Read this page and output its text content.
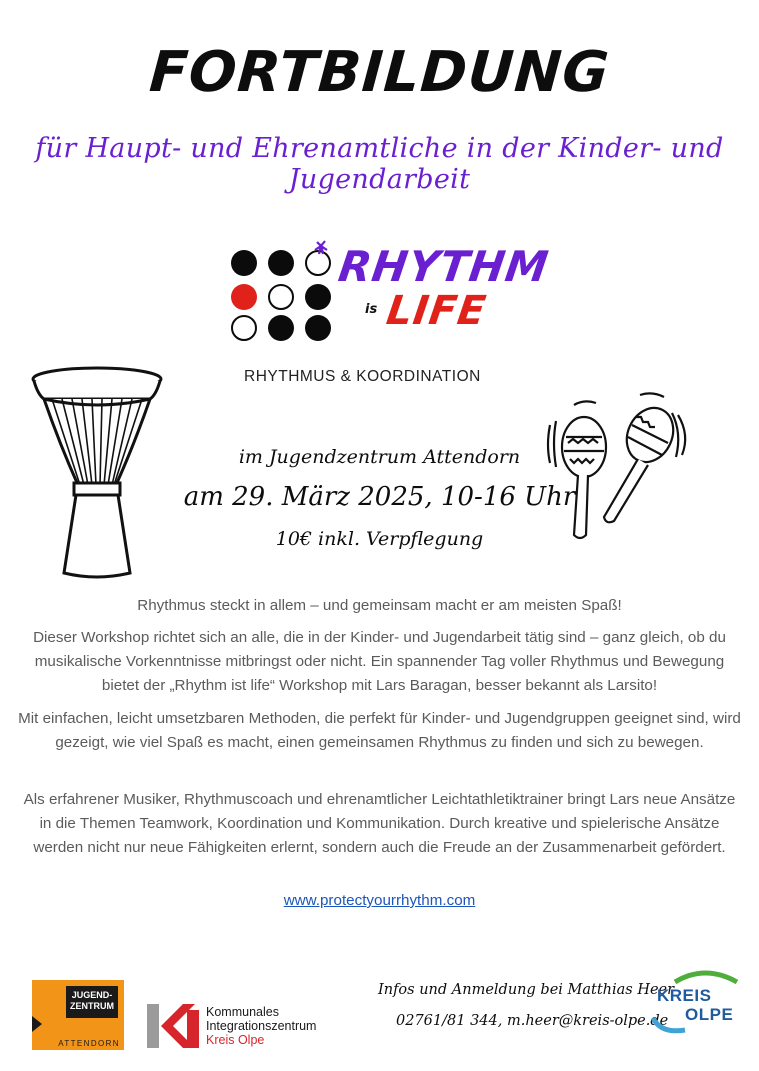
FORTBILDUNG
für Haupt- und Ehrenamtliche in der Kinder- und Jugendarbeit
RHYTHM
is LIFE
RHYTHMUS & KOORDINATION
im Jugendzentrum Attendorn
am 29. März 2025, 10-16 Uhr
10€ inkl. Verpflegung
Rhythmus steckt in allem – und gemeinsam macht er am meisten Spaß!
Dieser Workshop richtet sich an alle, die in der Kinder- und Jugendarbeit tätig sind – ganz gleich, ob du musikalische Vorkenntnisse mitbringst oder nicht. Ein spannender Tag voller Rhythmus und Bewegung bietet der „Rhythm ist life“ Workshop mit Lars Baragan, besser bekannt als Larsito!
Mit einfachen, leicht umsetzbaren Methoden, die perfekt für Kinder- und Jugendgruppen geeignet sind, wird gezeigt, wie viel Spaß es macht, einen gemeinsamen Rhythmus zu finden und sich zu bewegen.
Als erfahrener Musiker, Rhythmuscoach und ehrenamtlicher Leichtathletiktrainer bringt Lars neue Ansätze in die Themen Teamwork, Koordination und Kommunikation. Durch kreative und spielerische Ansätze werden nicht nur neue Fähigkeiten erlernt, sondern auch die Freude an der Zusammenarbeit gefördert.
www.protectyourrhythm.com
JUGEND-
ZENTRUM
ATTENDORN
Kommunales
Integrationszentrum
Kreis Olpe
Infos und Anmeldung bei Matthias Heer
02761/81 344, m.heer@kreis-olpe.de
KREIS
OLPE
